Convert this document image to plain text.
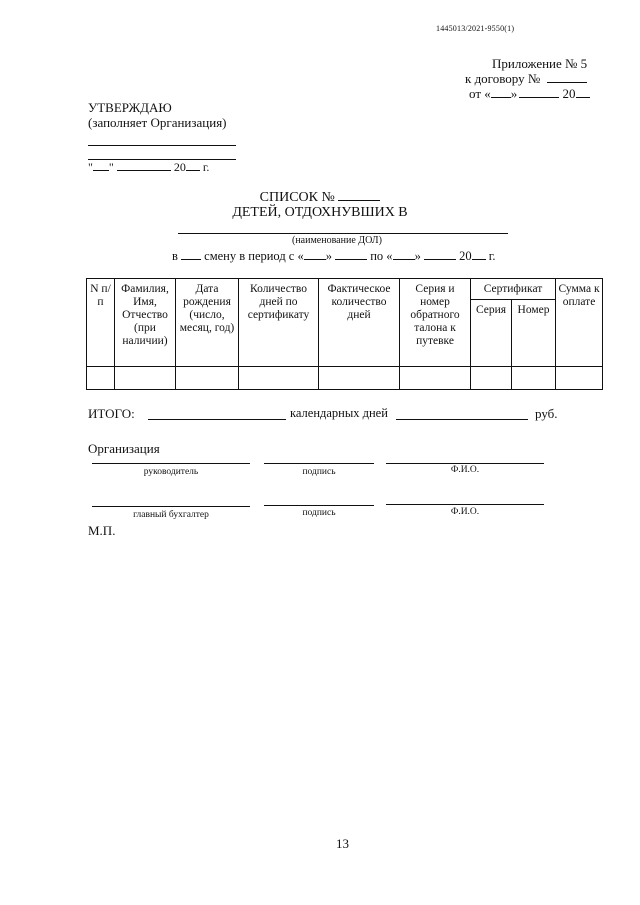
1445013/2021-9550(1)
Приложение № 5
к договору №
от « »	20
УТВЕРЖДАЮ
(заполняет Организация)
" "	20 г.
СПИСОК №
ДЕТЕЙ, ОТДОХНУВШИХ В
(наименование ДОЛ)
в смену в период с « »	по « »	20 г.
N п/п	Фамилия, Имя, Отчество (при наличии)	Дата рождения (число, месяц, год)	Количество дней по сертификату	Фактическое количество дней	Серия и номер обратного талона к путевке	Сертификат		Сумма к оплате
						Серия	Номер	

ИТОГО:	календарных дней	руб.
Организация
руководитель	подпись	Ф.И.О.
главный бухгалтер	подпись	Ф.И.О.
М.П.
13
